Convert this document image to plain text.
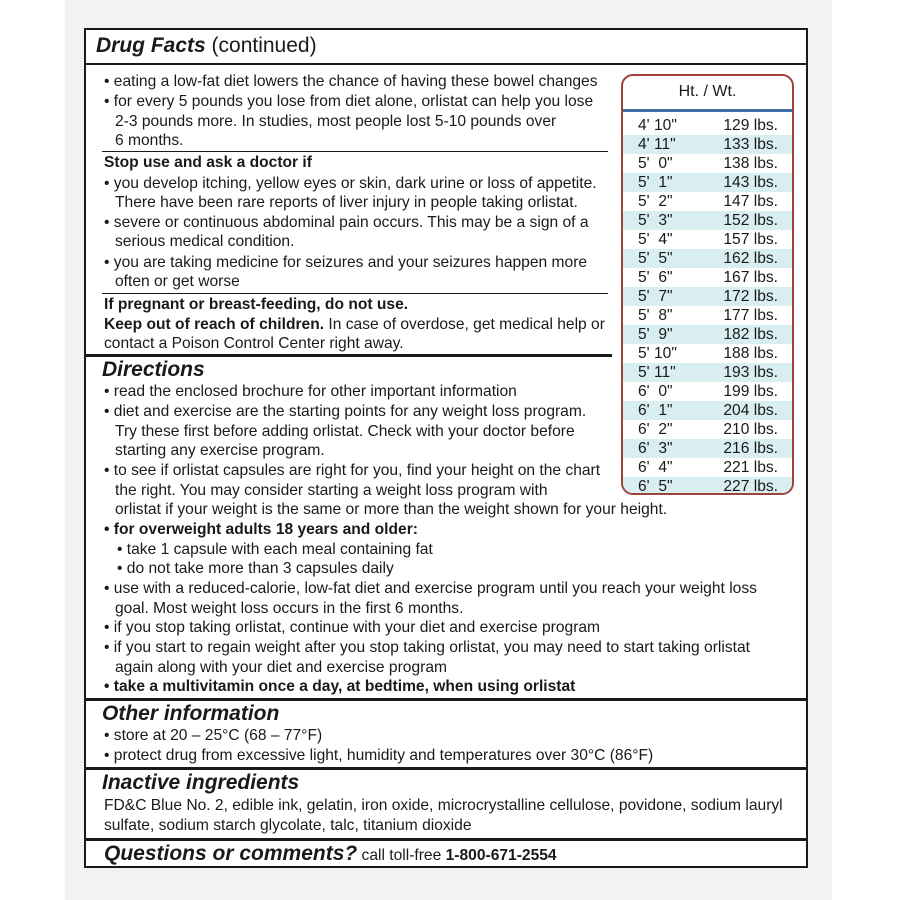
Drug Facts (continued)
• eating a low-fat diet lowers the chance of having these bowel changes
• for every 5 pounds you lose from diet alone, orlistat can help you lose
2-3 pounds more. In studies, most people lost 5-10 pounds over
6 months.
Stop use and ask a doctor if
• you develop itching, yellow eyes or skin, dark urine or loss of appetite.
There have been rare reports of liver injury in people taking orlistat.
• severe or continuous abdominal pain occurs. This may be a sign of a
serious medical condition.
• you are taking medicine for seizures and your seizures happen more
often or get worse
If pregnant or breast-feeding, do not use.
Keep out of reach of children. In case of overdose, get medical help or
contact a Poison Control Center right away.
Directions
• read the enclosed brochure for other important information
• diet and exercise are the starting points for any weight loss program.
Try these first before adding orlistat. Check with your doctor before
starting any exercise program.
• to see if orlistat capsules are right for you, find your height on the chart
the right. You may consider starting a weight loss program with
orlistat if your weight is the same or more than the weight shown for your height.
• for overweight adults 18 years and older:
• take 1 capsule with each meal containing fat
• do not take more than 3 capsules daily
• use with a reduced-calorie, low-fat diet and exercise program until you reach your weight loss
goal. Most weight loss occurs in the first 6 months.
• if you stop taking orlistat, continue with your diet and exercise program
• if you start to regain weight after you stop taking orlistat, you may need to start taking orlistat
again along with your diet and exercise program
• take a multivitamin once a day, at bedtime, when using orlistat
Other information
• store at 20 – 25°C (68 – 77°F)
• protect drug from excessive light, humidity and temperatures over 30°C (86°F)
Inactive ingredients
FD&C Blue No. 2, edible ink, gelatin, iron oxide, microcrystalline cellulose, povidone, sodium lauryl
sulfate, sodium starch glycolate, talc, titanium dioxide
Questions or comments? call toll-free 1-800-671-2554
Ht. / Wt.
4' 10"	129 lbs.
4' 11"	133 lbs.
5'  0"	138 lbs.
5'  1"	143 lbs.
5'  2"	147 lbs.
5'  3"	152 lbs.
5'  4"	157 lbs.
5'  5"	162 lbs.
5'  6"	167 lbs.
5'  7"	172 lbs.
5'  8"	177 lbs.
5'  9"	182 lbs.
5' 10"	188 lbs.
5' 11"	193 lbs.
6'  0"	199 lbs.
6'  1"	204 lbs.
6'  2"	210 lbs.
6'  3"	216 lbs.
6'  4"	221 lbs.
6'  5"	227 lbs.
